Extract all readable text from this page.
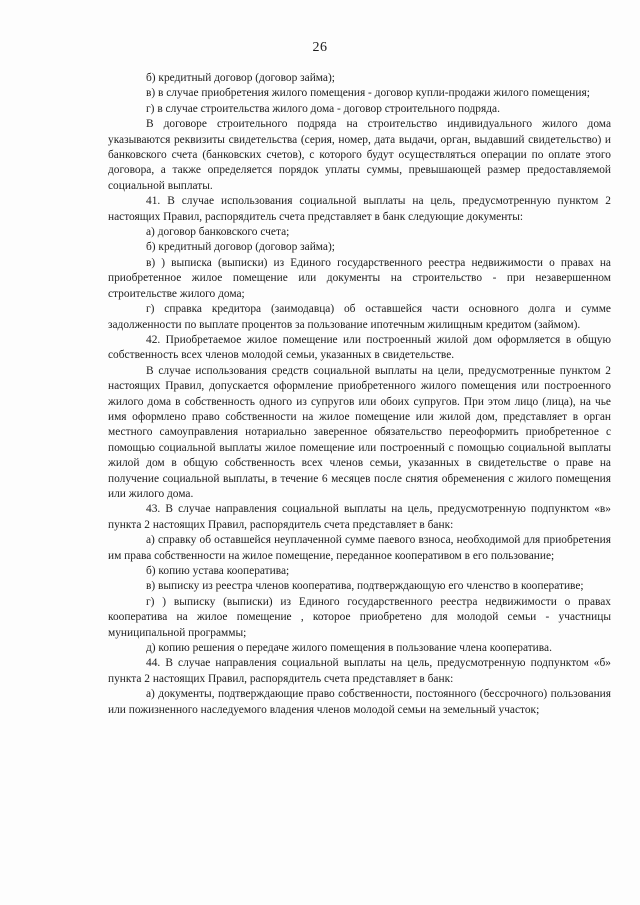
26

б) кредитный договор (договор займа);

в) в случае приобретения жилого помещения - договор купли-продажи жилого помещения;

г) в случае строительства жилого дома - договор строительного подряда.

В договоре строительного подряда на строительство индивидуального жилого дома указываются реквизиты свидетельства (серия, номер, дата выдачи, орган, выдавший свидетельство) и банковского счета (банковских счетов), с которого будут осуществляться операции по оплате этого договора, а также определяется порядок уплаты суммы, превышающей размер предоставляемой социальной выплаты.

41. В случае использования социальной выплаты на цель, предусмотренную пунктом 2 настоящих Правил, распорядитель счета представляет в банк следующие документы:

а) договор банковского счета;

б) кредитный договор (договор займа);

в) ) выписка (выписки) из Единого государственного реестра недвижимости о правах на приобретенное жилое помещение или документы на строительство - при незавершенном строительстве жилого дома;

г) справка кредитора (заимодавца) об оставшейся части основного долга и сумме задолженности по выплате процентов за пользование ипотечным жилищным кредитом (займом).

42. Приобретаемое жилое помещение или построенный жилой дом оформляется в общую собственность всех членов молодой семьи, указанных в свидетельстве.

В случае использования средств социальной выплаты на цели, предусмотренные пунктом 2 настоящих Правил, допускается оформление приобретенного жилого помещения или построенного жилого дома в собственность одного из супругов или обоих супругов. При этом лицо (лица), на чье имя оформлено право собственности на жилое помещение или жилой дом, представляет в орган местного самоуправления нотариально заверенное обязательство переоформить приобретенное с помощью социальной выплаты жилое помещение или построенный с помощью социальной выплаты жилой дом в общую собственность всех членов семьи, указанных в свидетельстве о праве на получение социальной выплаты, в течение 6 месяцев после снятия обременения с жилого помещения или жилого дома.

43. В случае направления социальной выплаты на цель, предусмотренную подпунктом «в» пункта 2 настоящих Правил, распорядитель счета представляет в банк:

а) справку об оставшейся неуплаченной сумме паевого взноса, необходимой для приобретения им права собственности на жилое помещение, переданное кооперативом в его пользование;

б) копию устава кооператива;

в) выписку из реестра членов кооператива, подтверждающую его членство в кооперативе;

г) ) выписку (выписки) из Единого государственного реестра недвижимости о правах кооператива на жилое помещение , которое приобретено для молодой семьи - участницы муниципальной программы;

д) копию решения о передаче жилого помещения в пользование члена кооператива.

44. В случае направления социальной выплаты на цель, предусмотренную подпунктом «б» пункта 2 настоящих Правил, распорядитель счета представляет в банк:

а) документы, подтверждающие право собственности, постоянного (бессрочного) пользования или пожизненного наследуемого владения членов молодой семьи на земельный участок;
